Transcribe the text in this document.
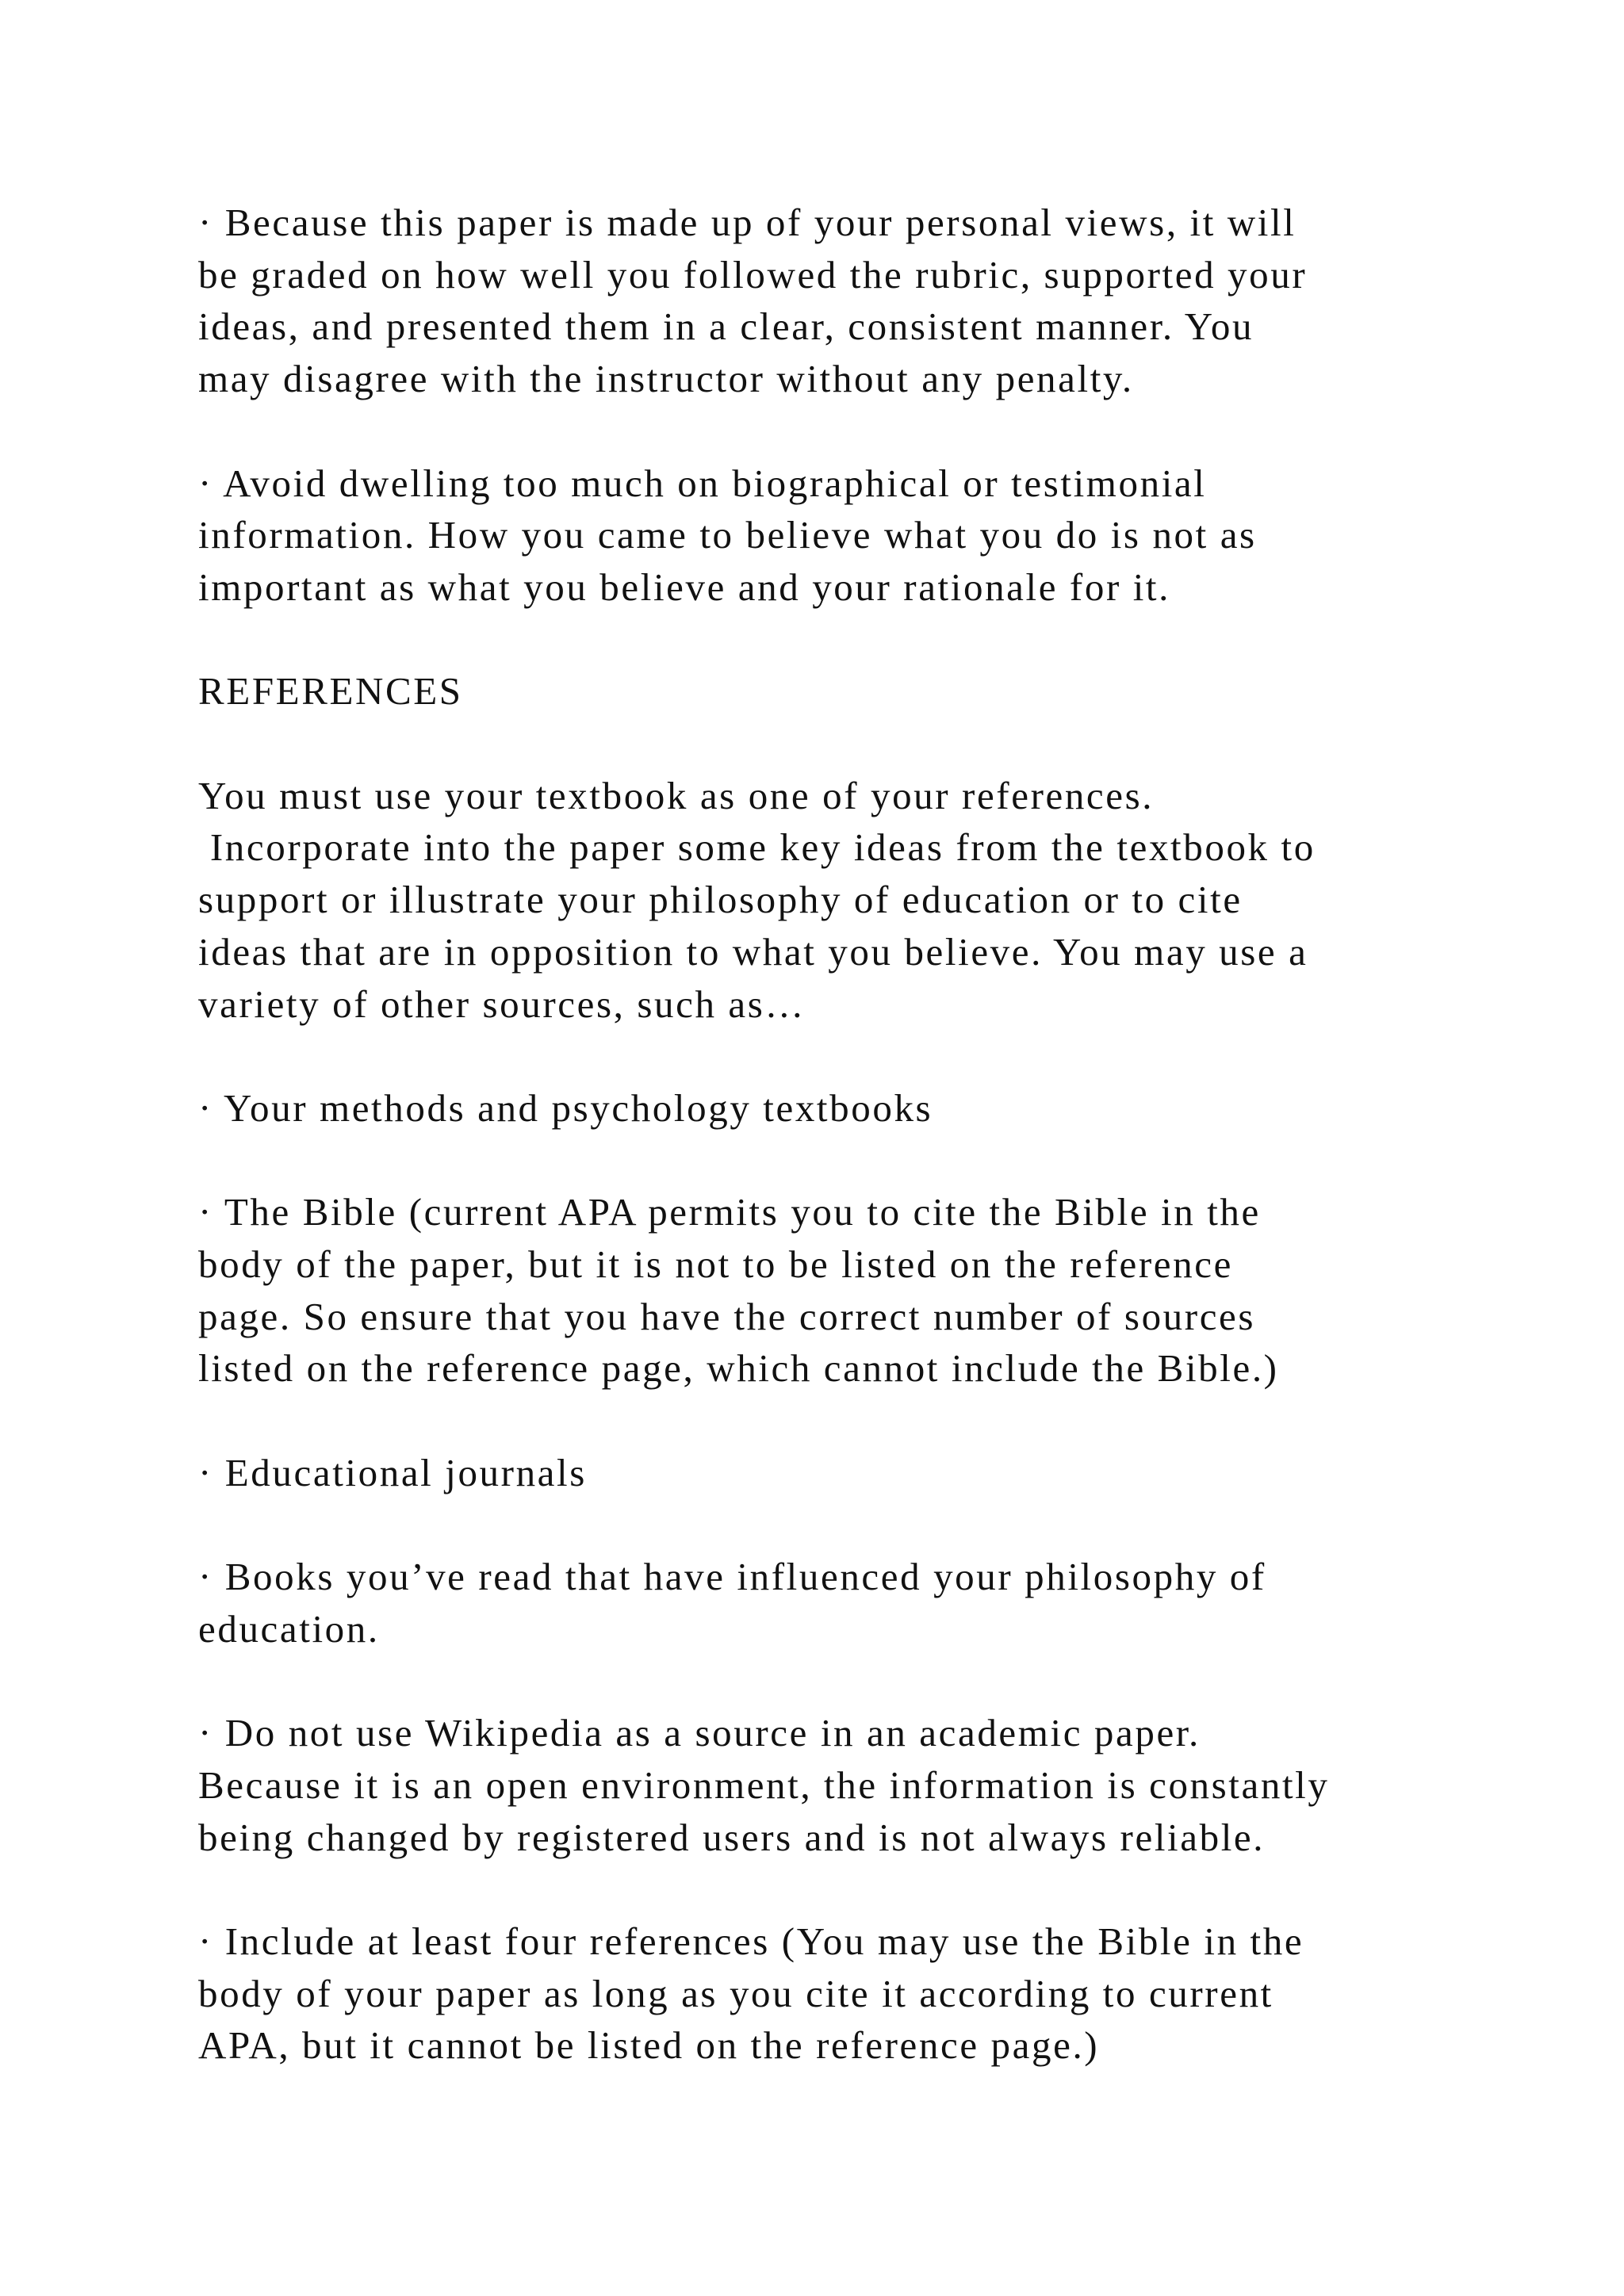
· Because this paper is made up of your personal views, it will
be graded on how well you followed the rubric, supported your
ideas, and presented them in a clear, consistent manner. You
may disagree with the instructor without any penalty.
· Avoid dwelling too much on biographical or testimonial
information. How you came to believe what you do is not as
important as what you believe and your rationale for it.
REFERENCES
You must use your textbook as one of your references.
Incorporate into the paper some key ideas from the textbook to
support or illustrate your philosophy of education or to cite
ideas that are in opposition to what you believe. You may use a
variety of other sources, such as…
· Your methods and psychology textbooks
· The Bible (current APA permits you to cite the Bible in the
body of the paper, but it is not to be listed on the reference
page. So ensure that you have the correct number of sources
listed on the reference page, which cannot include the Bible.)
· Educational journals
· Books you’ve read that have influenced your philosophy of
education.
· Do not use Wikipedia as a source in an academic paper.
Because it is an open environment, the information is constantly
being changed by registered users and is not always reliable.
· Include at least four references (You may use the Bible in the
body of your paper as long as you cite it according to current
APA, but it cannot be listed on the reference page.)
